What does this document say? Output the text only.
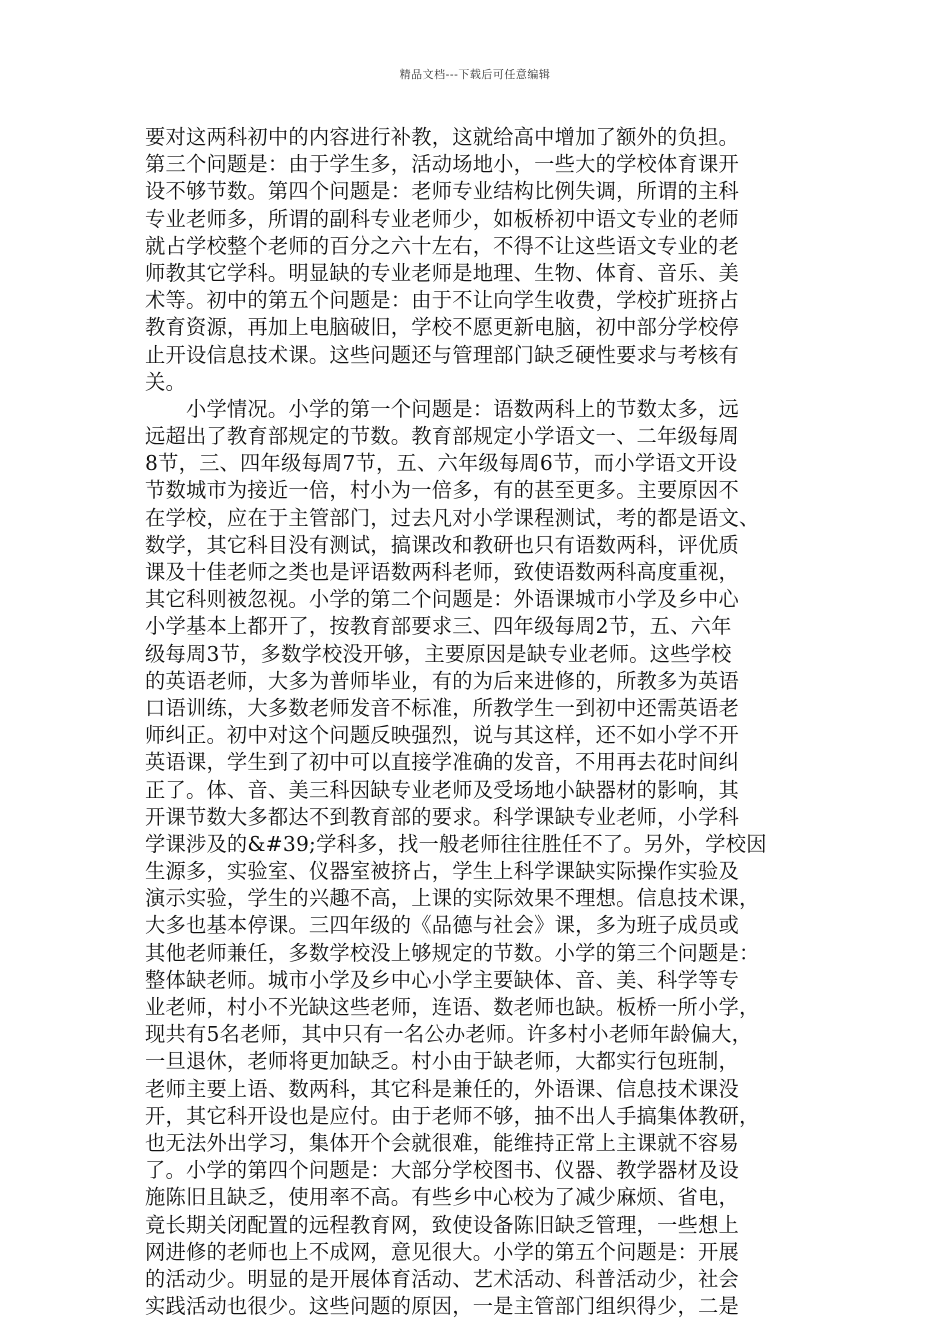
精品文档---下载后可任意编辑
要对这两科初中的内容进行补教，这就给高中增加了额外的负担。
第三个问题是：由于学生多，活动场地小，一些大的学校体育课开
设不够节数。第四个问题是：老师专业结构比例失调，所谓的主科
专业老师多，所谓的副科专业老师少，如板桥初中语文专业的老师
就占学校整个老师的百分之六十左右，不得不让这些语文专业的老
师教其它学科。明显缺的专业老师是地理、生物、体育、音乐、美
术等。初中的第五个问题是：由于不让向学生收费，学校扩班挤占
教育资源，再加上电脑破旧，学校不愿更新电脑，初中部分学校停
止开设信息技术课。这些问题还与管理部门缺乏硬性要求与考核有
关。
　　小学情况。小学的第一个问题是：语数两科上的节数太多，远
远超出了教育部规定的节数。教育部规定小学语文一、二年级每周
8节，三、四年级每周7节，五、六年级每周6节，而小学语文开设
节数城市为接近一倍，村小为一倍多，有的甚至更多。主要原因不
在学校，应在于主管部门，过去凡对小学课程测试，考的都是语文、
数学，其它科目没有测试，搞课改和教研也只有语数两科，评优质
课及十佳老师之类也是评语数两科老师，致使语数两科高度重视，
其它科则被忽视。小学的第二个问题是：外语课城市小学及乡中心
小学基本上都开了，按教育部要求三、四年级每周2节，五、六年
级每周3节，多数学校没开够，主要原因是缺专业老师。这些学校
的英语老师，大多为普师毕业，有的为后来进修的，所教多为英语
口语训练，大多数老师发音不标准，所教学生一到初中还需英语老
师纠正。初中对这个问题反映强烈，说与其这样，还不如小学不开
英语课，学生到了初中可以直接学准确的发音，不用再去花时间纠
正了。体、音、美三科因缺专业老师及受场地小缺器材的影响，其
开课节数大多都达不到教育部的要求。科学课缺专业老师，小学科
学课涉及的&#39;学科多，找一般老师往往胜任不了。另外，学校因
生源多，实验室、仪器室被挤占，学生上科学课缺实际操作实验及
演示实验，学生的兴趣不高，上课的实际效果不理想。信息技术课，
大多也基本停课。三四年级的《品德与社会》课，多为班子成员或
其他老师兼任，多数学校没上够规定的节数。小学的第三个问题是：
整体缺老师。城市小学及乡中心小学主要缺体、音、美、科学等专
业老师，村小不光缺这些老师，连语、数老师也缺。板桥一所小学，
现共有5名老师，其中只有一名公办老师。许多村小老师年龄偏大，
一旦退休，老师将更加缺乏。村小由于缺老师，大都实行包班制，
老师主要上语、数两科，其它科是兼任的，外语课、信息技术课没
开，其它科开设也是应付。由于老师不够，抽不出人手搞集体教研，
也无法外出学习，集体开个会就很难，能维持正常上主课就不容易
了。小学的第四个问题是：大部分学校图书、仪器、教学器材及设
施陈旧且缺乏，使用率不高。有些乡中心校为了减少麻烦、省电，
竟长期关闭配置的远程教育网，致使设备陈旧缺乏管理，一些想上
网进修的老师也上不成网，意见很大。小学的第五个问题是：开展
的活动少。明显的是开展体育活动、艺术活动、科普活动少，社会
实践活动也很少。这些问题的原因，一是主管部门组织得少，二是
